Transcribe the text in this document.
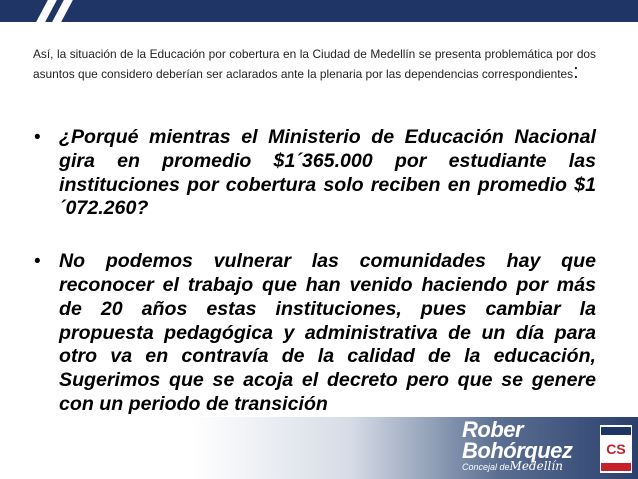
Así, la situación de la Educación por cobertura en la Ciudad de Medellín se presenta problemática por dos asuntos que considero deberían ser aclarados ante la plenaria por las dependencias correspondientes:

• ¿Porqué mientras el Ministerio de Educación Nacional gira en promedio $1´365.000 por estudiante las instituciones por cobertura solo reciben en promedio $1´072.260?
• No podemos vulnerar las comunidades hay que reconocer el trabajo que han venido haciendo por más de 20 años estas instituciones, pues cambiar la propuesta pedagógica y administrativa de un día para otro va en contravía de la calidad de la educación, Sugerimos que se acoja el decreto pero que se genere con un periodo de transición
Rober
Bohórquez
Concejal deMedellín
CS
